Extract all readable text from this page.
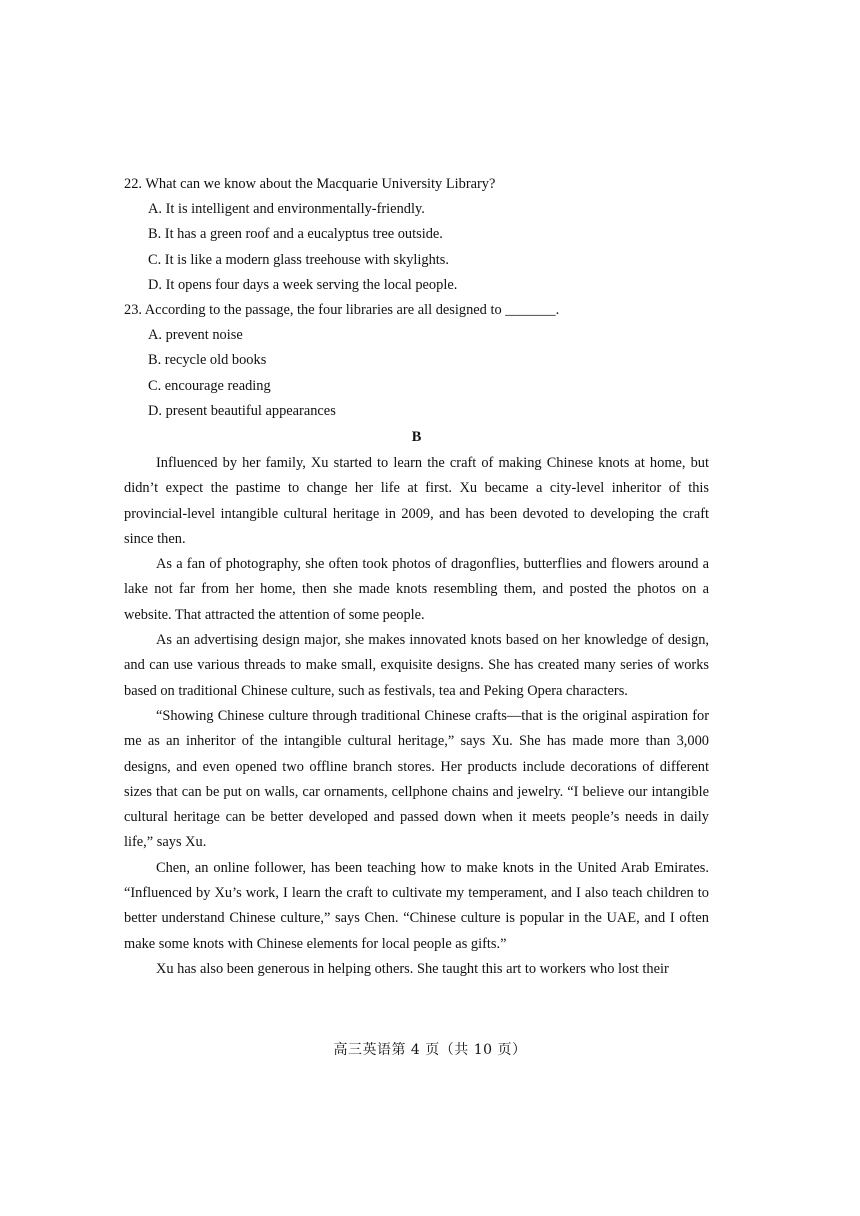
22. What can we know about the Macquarie University Library?
A. It is intelligent and environmentally-friendly.
B. It has a green roof and a eucalyptus tree outside.
C. It is like a modern glass treehouse with skylights.
D. It opens four days a week serving the local people.
23. According to the passage, the four libraries are all designed to _______.
A. prevent noise
B. recycle old books
C. encourage reading
D. present beautiful appearances
B

Influenced by her family, Xu started to learn the craft of making Chinese knots at home, but didn’t expect the pastime to change her life at first. Xu became a city-level inheritor of this provincial-level intangible cultural heritage in 2009, and has been devoted to developing the craft since then.

As a fan of photography, she often took photos of dragonflies, butterflies and flowers around a lake not far from her home, then she made knots resembling them, and posted the photos on a website. That attracted the attention of some people.

As an advertising design major, she makes innovated knots based on her knowledge of design, and can use various threads to make small, exquisite designs. She has created many series of works based on traditional Chinese culture, such as festivals, tea and Peking Opera characters.

“Showing Chinese culture through traditional Chinese crafts—that is the original aspiration for me as an inheritor of the intangible cultural heritage,” says Xu. She has made more than 3,000 designs, and even opened two offline branch stores. Her products include decorations of different sizes that can be put on walls, car ornaments, cellphone chains and jewelry. “I believe our intangible cultural heritage can be better developed and passed down when it meets people’s needs in daily life,” says Xu.

Chen, an online follower, has been teaching how to make knots in the United Arab Emirates. “Influenced by Xu’s work, I learn the craft to cultivate my temperament, and I also teach children to better understand Chinese culture,” says Chen. “Chinese culture is popular in the UAE, and I often make some knots with Chinese elements for local people as gifts.”

Xu has also been generous in helping others. She taught this art to workers who lost their

高三英语第 4 页（共 10 页）
